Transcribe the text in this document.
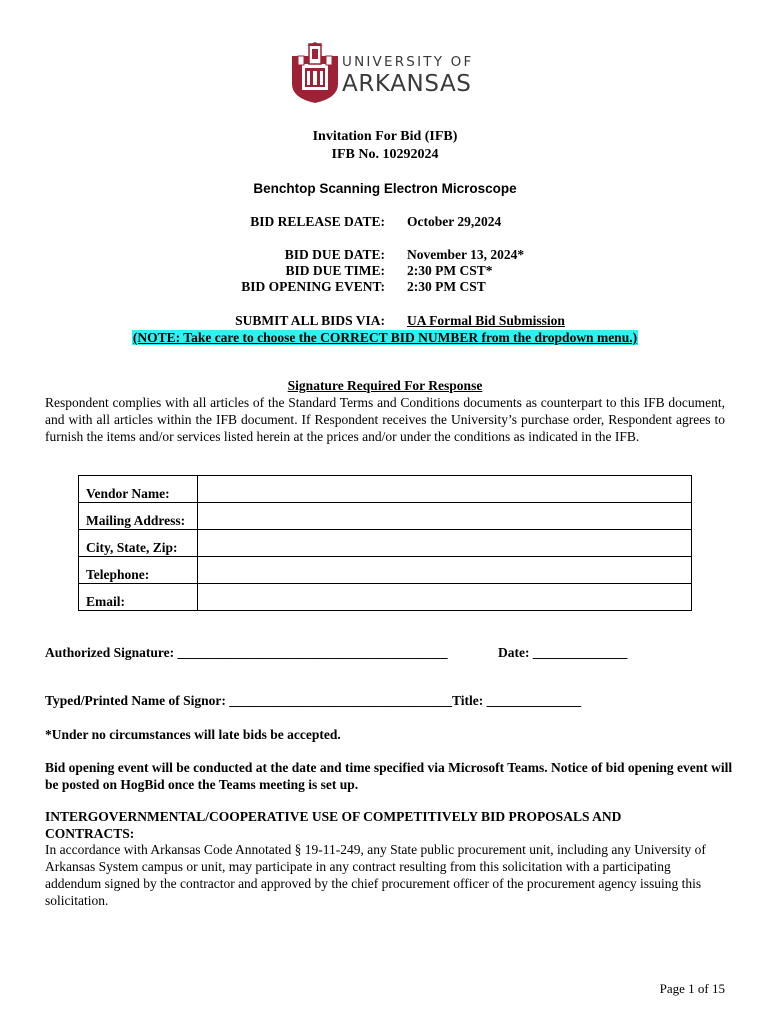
UNIVERSITY OF
ARKANSAS
Invitation For Bid (IFB)
IFB No. 10292024
Benchtop Scanning Electron Microscope
BID RELEASE DATE: October 29,2024
BID DUE DATE: November 13, 2024*
BID DUE TIME: 2:30 PM CST*
BID OPENING EVENT: 2:30 PM CST
SUBMIT ALL BIDS VIA: UA Formal Bid Submission
(NOTE: Take care to choose the CORRECT BID NUMBER from the dropdown menu.)
Signature Required For Response
Respondent complies with all articles of the Standard Terms and Conditions documents as counterpart to this IFB document, and with all articles within the IFB document. If Respondent receives the University’s purchase order, Respondent agrees to furnish the items and/or services listed herein at the prices and/or under the conditions as indicated in the IFB.
Vendor Name:	
Mailing Address:	
City, State, Zip:	
Telephone:	
Email:	
Authorized Signature: ________________________________________	Date: ______________
Typed/Printed Name of Signor: _________________________________Title: ______________
*Under no circumstances will late bids be accepted.
Bid opening event will be conducted at the date and time specified via Microsoft Teams. Notice of bid opening event will be posted on HogBid once the Teams meeting is set up.
INTERGOVERNMENTAL/COOPERATIVE USE OF COMPETITIVELY BID PROPOSALS AND CONTRACTS:
In accordance with Arkansas Code Annotated § 19-11-249, any State public procurement unit, including any University of Arkansas System campus or unit, may participate in any contract resulting from this solicitation with a participating addendum signed by the contractor and approved by the chief procurement officer of the procurement agency issuing this solicitation.
Page 1 of 15
